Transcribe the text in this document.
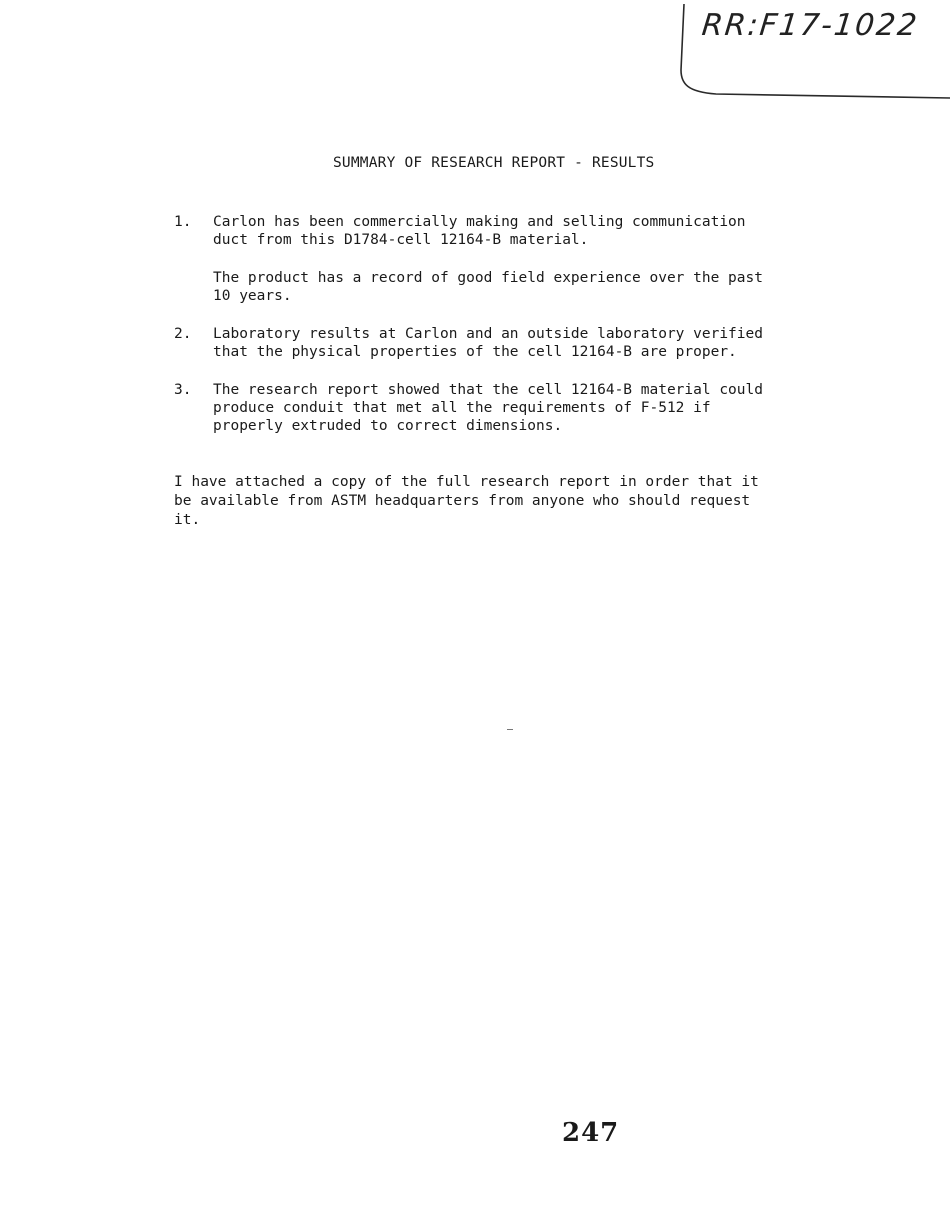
RR:F17-1022
SUMMARY OF RESEARCH REPORT - RESULTS
1. Carlon has been commercially making and selling communication
duct from this D1784-cell 12164-B material.
The product has a record of good field experience over the past
10 years.
2. Laboratory results at Carlon and an outside laboratory verified
that the physical properties of the cell 12164-B are proper.
3. The research report showed that the cell 12164-B material could
produce conduit that met all the requirements of F-512 if
properly extruded to correct dimensions.
I have attached a copy of the full research report in order that it
be available from ASTM headquarters from anyone who should request
it.
247
